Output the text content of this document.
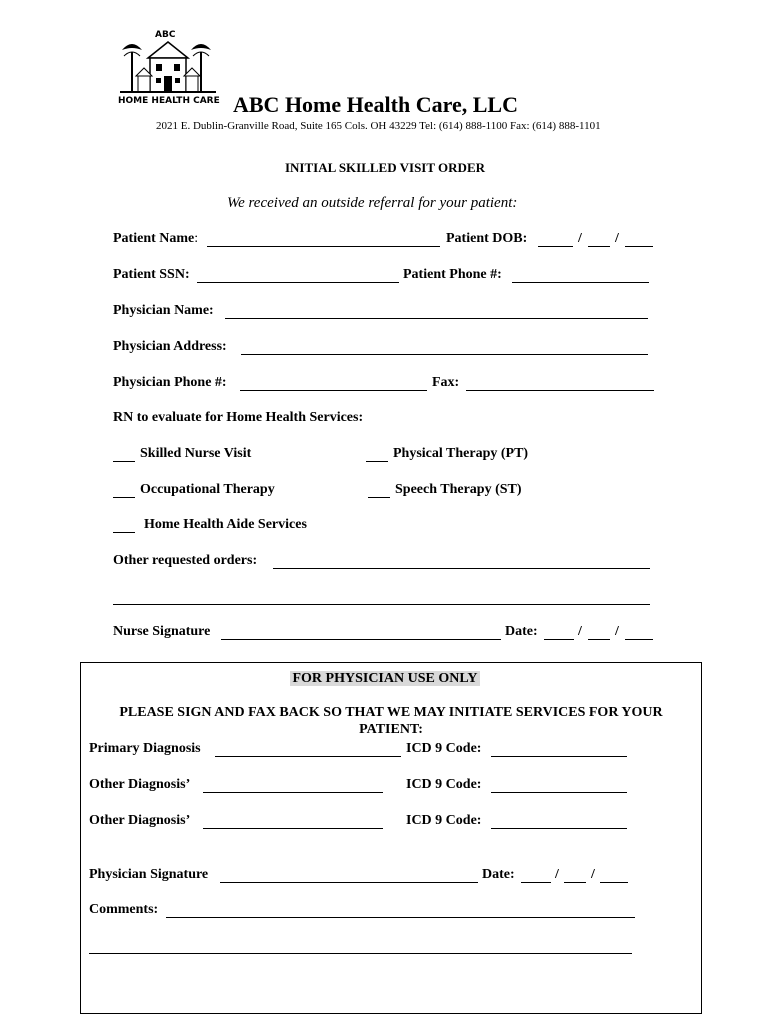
ABC
HOME HEALTH CARE ABC Home Health Care, LLC
2021 E. Dublin-Granville Road, Suite 165 Cols. OH 43229 Tel: (614) 888-1100 Fax: (614) 888-1101
INITIAL SKILLED VISIT ORDER
We received an outside referral for your patient:
Patient Name:	Patient DOB:	/ /
Patient SSN:	Patient Phone #:
Physician Name:
Physician Address:
Physician Phone #:	Fax:
RN to evaluate for Home Health Services:
Skilled Nurse Visit	Physical Therapy (PT)
Occupational Therapy	Speech Therapy (ST)
Home Health Aide Services
Other requested orders:
Nurse Signature	Date:	/ /
FOR PHYSICIAN USE ONLY
PLEASE SIGN AND FAX BACK SO THAT WE MAY INITIATE SERVICES FOR YOUR
PATIENT:
Primary Diagnosis	ICD 9 Code:
Other Diagnosis’	ICD 9 Code:
Other Diagnosis’	ICD 9 Code:
Physician Signature	Date:	/ /
Comments:
